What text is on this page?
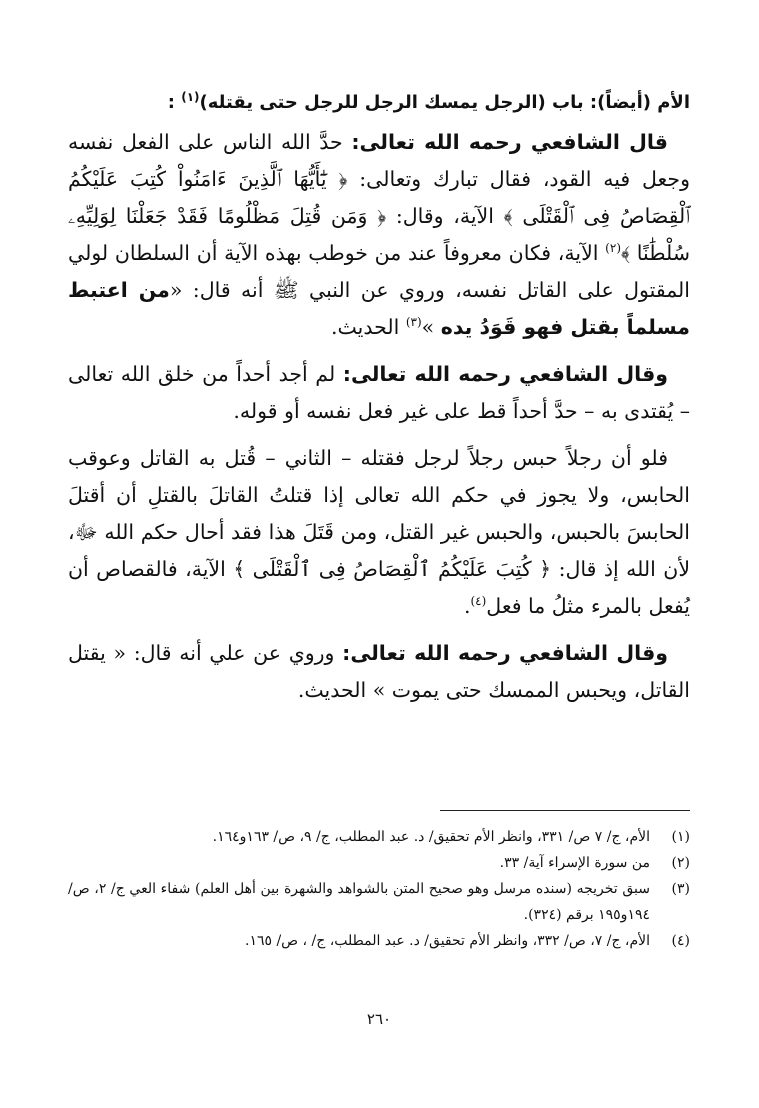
الأم (أيضاً): باب (الرجل يمسك الرجل للرجل حتى يقتله)$^{(١)}$ :

قال الشافعي رحمه الله تعالى: حدَّ الله الناس على الفعل نفسه وجعل فيه القود، فقال تبارك وتعالى: ﴿ يَٰٓأَيُّهَا ٱلَّذِينَ ءَامَنُواْ كُتِبَ عَلَيْكُمُ ٱلْقِصَاصُ فِى ٱلْقَتْلَى ﴾ الآية، وقال: ﴿ وَمَن قُتِلَ مَظْلُومًا فَقَدْ جَعَلْنَا لِوَلِيِّهِۦ سُلْطَٰنًا ﴾$^{(٢)}$ الآية، فكان معروفاً عند من خوطب بهذه الآية أن السلطان لولي المقتول على القاتل نفسه، وروي عن النبي ﷺ أنه قال: «من اعتبط مسلماً بقتل فهو قَوَدُ يده »$^{(٣)}$ الحديث.

وقال الشافعي رحمه الله تعالى: لم أجد أحداً من خلق الله تعالى – يُقتدى به – حدَّ أحداً قط على غير فعل نفسه أو قوله.

فلو أن رجلاً حبس رجلاً لرجل فقتله – الثاني – قُتل به القاتل وعوقب الحابس، ولا يجوز في حكم الله تعالى إذا قتلتُ القاتلَ بالقتلِ أن أقتلَ الحابسَ بالحبس، والحبس غير القتل، ومن قَتَلَ هذا فقد أحال حكم الله ﷻ، لأن الله إذ قال: ﴿ كُتِبَ عَلَيْكُمُ ٱلْقِصَاصُ فِى ٱلْقَتْلَى ﴾ الآية، فالقصاص أن يُفعل بالمرء مثلُ ما فعل$^{(٤)}$.

وقال الشافعي رحمه الله تعالى: وروي عن علي أنه قال: « يقتل القاتل، ويحبس الممسك حتى يموت » الحديث.

(١)
الأم، ج/ ٧ ص/ ٣٣١، وانظر الأم تحقيق/ د. عبد المطلب، ج/ ٩، ص/ ١٦٣و١٦٤.
(٢)
من سورة الإسراء آية/ ٣٣.
(٣)
سبق تخريجه (سنده مرسل وهو صحيح المتن بالشواهد والشهرة بين أهل العلم) شفاء العي ج/ ٢، ص/ ١٩٤و١٩٥ برقم (٣٢٤).
(٤)
الأم، ج/ ٧، ص/ ٣٣٢، وانظر الأم تحقيق/ د. عبد المطلب، ج/ ، ص/ ١٦٥.
٢٦٠
